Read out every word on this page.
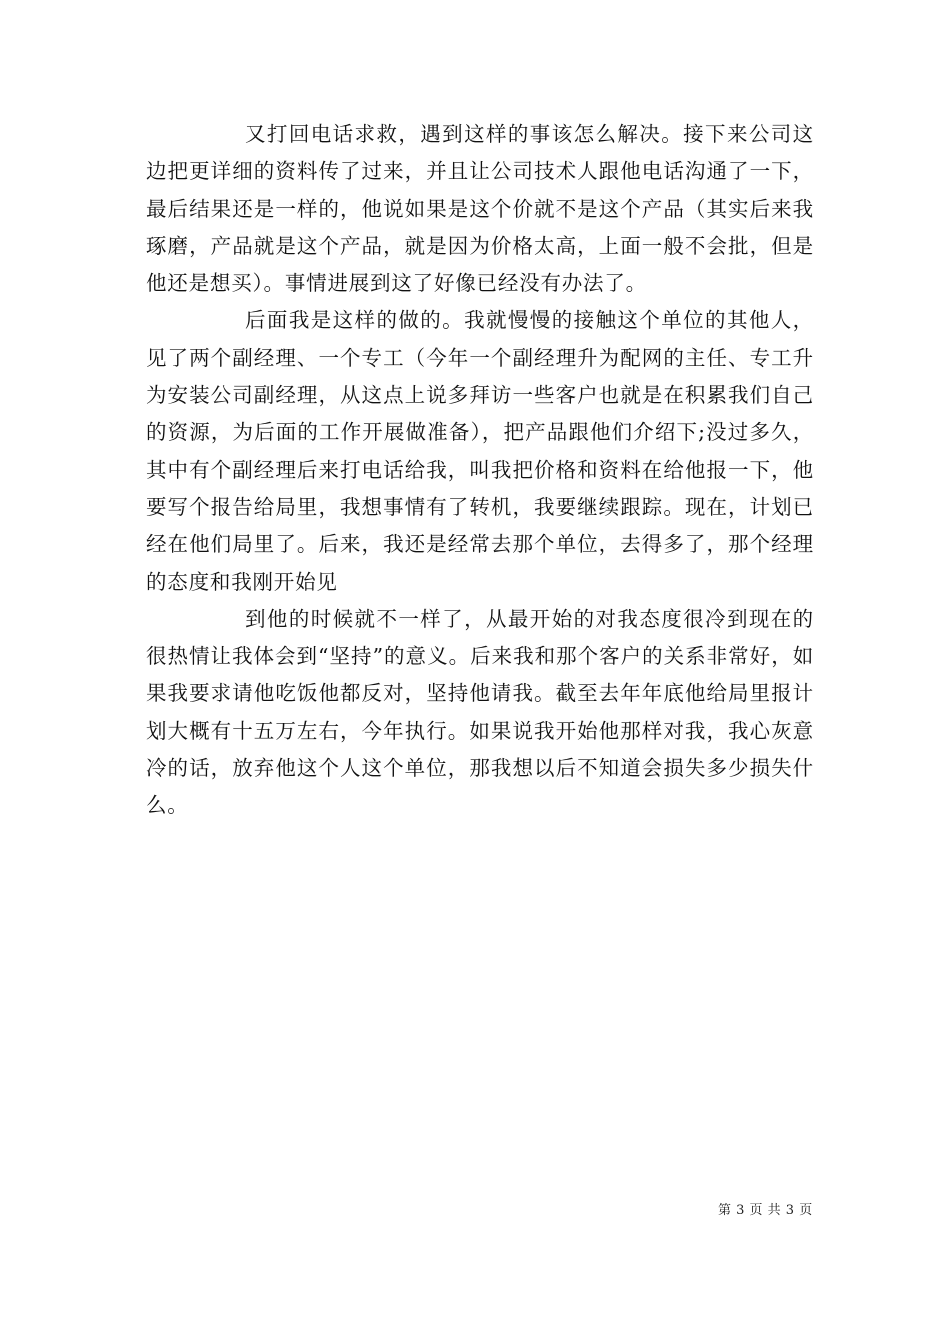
又打回电话求救，遇到这样的事该怎么解决。接下来公司这边把更详细的资料传了过来，并且让公司技术人跟他电话沟通了一下，最后结果还是一样的，他说如果是这个价就不是这个产品（其实后来我琢磨，产品就是这个产品，就是因为价格太高，上面一般不会批，但是他还是想买）。事情进展到这了好像已经没有办法了。

后面我是这样的做的。我就慢慢的接触这个单位的其他人，见了两个副经理、一个专工（今年一个副经理升为配网的主任、专工升为安装公司副经理，从这点上说多拜访一些客户也就是在积累我们自己的资源，为后面的工作开展做准备），把产品跟他们介绍下;没过多久，其中有个副经理后来打电话给我，叫我把价格和资料在给他报一下，他要写个报告给局里，我想事情有了转机，我要继续跟踪。现在，计划已经在他们局里了。后来，我还是经常去那个单位，去得多了，那个经理的态度和我刚开始见

到他的时候就不一样了，从最开始的对我态度很冷到现在的很热情让我体会到“坚持”的意义。后来我和那个客户的关系非常好，如果我要求请他吃饭他都反对，坚持他请我。截至去年年底他给局里报计划大概有十五万左右，今年执行。如果说我开始他那样对我，我心灰意冷的话，放弃他这个人这个单位，那我想以后不知道会损失多少损失什么。

第 3 页 共 3 页
